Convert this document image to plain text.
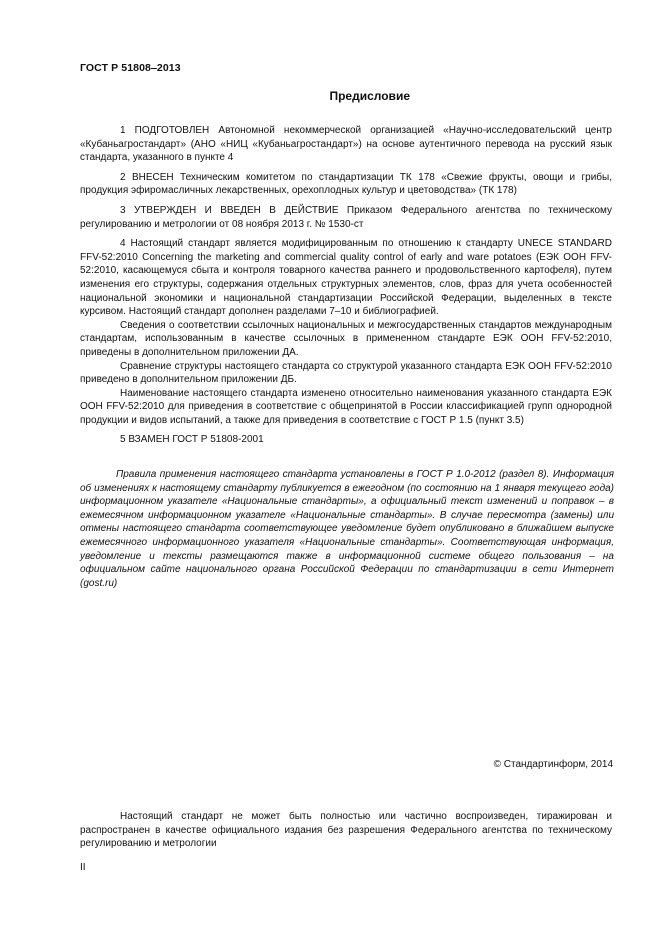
ГОСТ Р 51808‒2013
Предисловие

1 ПОДГОТОВЛЕН Автономной некоммерческой организацией «Научно-исследовательский центр «Кубаньагростандарт» (АНО «НИЦ «Кубаньагростандарт») на основе аутентичного перевода на русский язык стандарта, указанного в пункте 4

2 ВНЕСЕН Техническим комитетом по стандартизации ТК 178 «Свежие фрукты, овощи и грибы, продукция эфиромасличных лекарственных, орехоплодных культур и цветоводства» (ТК 178)

3 УТВЕРЖДЕН И ВВЕДЕН В ДЕЙСТВИЕ Приказом Федерального агентства по техническому регулированию и метрологии от 08 ноября 2013 г. № 1530-ст

4 Настоящий стандарт является модифицированным по отношению к стандарту UNECE STANDARD FFV-52:2010 Concerning the marketing and commercial quality control of early and ware potatoes (ЕЭК ООН FFV-52:2010, касающемуся сбыта и контроля товарного качества раннего и продовольственного картофеля), путем изменения его структуры, содержания отдельных структурных элементов, слов, фраз для учета особенностей национальной экономики и национальной стандартизации Российской Федерации, выделенных в тексте курсивом. Настоящий стандарт дополнен разделами 7–10 и библиографией.

Сведения о соответствии ссылочных национальных и межгосударственных стандартов международным стандартам, использованным в качестве ссылочных в примененном стандарте ЕЭК ООН FFV-52:2010, приведены в дополнительном приложении ДА.

Сравнение структуры настоящего стандарта со структурой указанного стандарта ЕЭК ООН FFV-52:2010 приведено в дополнительном приложении ДБ.

Наименование настоящего стандарта изменено относительно наименования указанного стандарта ЕЭК ООН FFV-52:2010 для приведения в соответствие с общепринятой в России классификацией групп однородной продукции и видов испытаний, а также для приведения в соответствие с ГОСТ Р 1.5 (пункт 3.5)

5 ВЗАМЕН ГОСТ Р 51808-2001

Правила применения настоящего стандарта установлены в ГОСТ Р 1.0-2012 (раздел 8). Информация об изменениях к настоящему стандарту публикуется в ежегодном (по состоянию на 1 января текущего года) информационном указателе «Национальные стандарты», а официальный текст изменений и поправок – в ежемесячном информационном указателе «Национальные стандарты». В случае пересмотра (замены) или отмены настоящего стандарта соответствующее уведомление будет опубликовано в ближайшем выпуске ежемесячного информационного указателя «Национальные стандарты». Соответствующая информация, уведомление и тексты размещаются также в информационной системе общего пользования – на официальном сайте национального органа Российской Федерации по стандартизации в сети Интернет (gost.ru)

© Стандартинформ, 2014

Настоящий стандарт не может быть полностью или частично воспроизведен, тиражирован и распространен в качестве официального издания без разрешения Федерального агентства по техническому регулированию и метрологии

II
